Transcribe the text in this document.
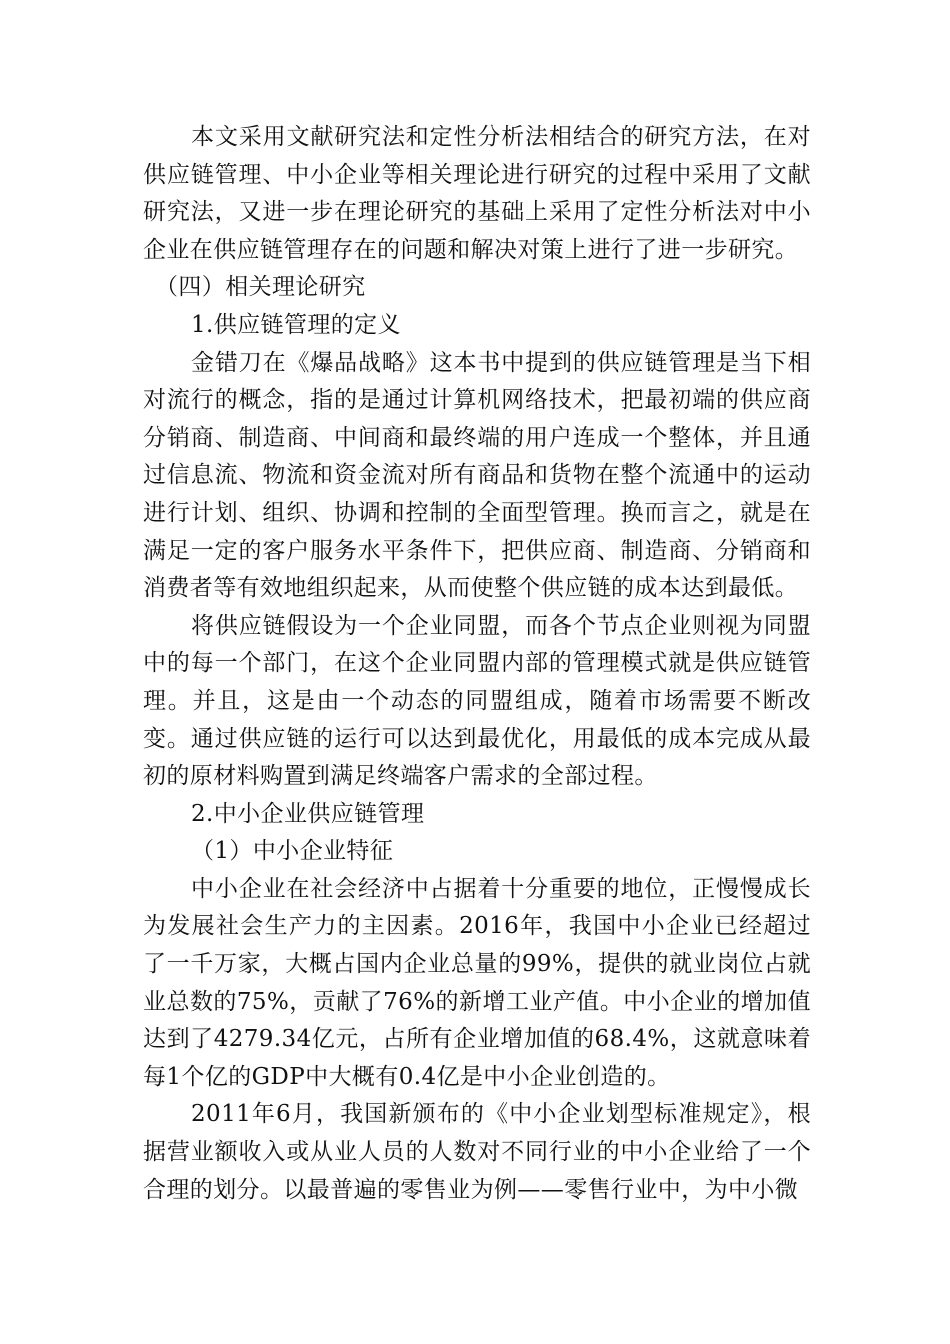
本文采用文献研究法和定性分析法相结合的研究方法，在对供应链管理、中小企业等相关理论进行研究的过程中采用了文献研究法，又进一步在理论研究的基础上采用了定性分析法对中小企业在供应链管理存在的问题和解决对策上进行了进一步研究。

（四）相关理论研究

1.供应链管理的定义

金错刀在《爆品战略》这本书中提到的供应链管理是当下相对流行的概念，指的是通过计算机网络技术，把最初端的供应商分销商、制造商、中间商和最终端的用户连成一个整体，并且通过信息流、物流和资金流对所有商品和货物在整个流通中的运动进行计划、组织、协调和控制的全面型管理。换而言之，就是在满足一定的客户服务水平条件下，把供应商、制造商、分销商和消费者等有效地组织起来，从而使整个供应链的成本达到最低。

将供应链假设为一个企业同盟，而各个节点企业则视为同盟中的每一个部门，在这个企业同盟内部的管理模式就是供应链管理。并且，这是由一个动态的同盟组成，随着市场需要不断改变。通过供应链的运行可以达到最优化，用最低的成本完成从最初的原材料购置到满足终端客户需求的全部过程。

2.中小企业供应链管理

（1）中小企业特征

中小企业在社会经济中占据着十分重要的地位，正慢慢成长为发展社会生产力的主因素。2016年，我国中小企业已经超过了一千万家，大概占国内企业总量的99%，提供的就业岗位占就业总数的75%，贡献了76%的新增工业产值。中小企业的增加值达到了4279.34亿元，占所有企业增加值的68.4%，这就意味着每1个亿的GDP中大概有0.4亿是中小企业创造的。

2011年6月，我国新颁布的《中小企业划型标准规定》，根据营业额收入或从业人员的人数对不同行业的中小企业给了一个合理的划分。以最普遍的零售业为例——零售行业中，为中小微
